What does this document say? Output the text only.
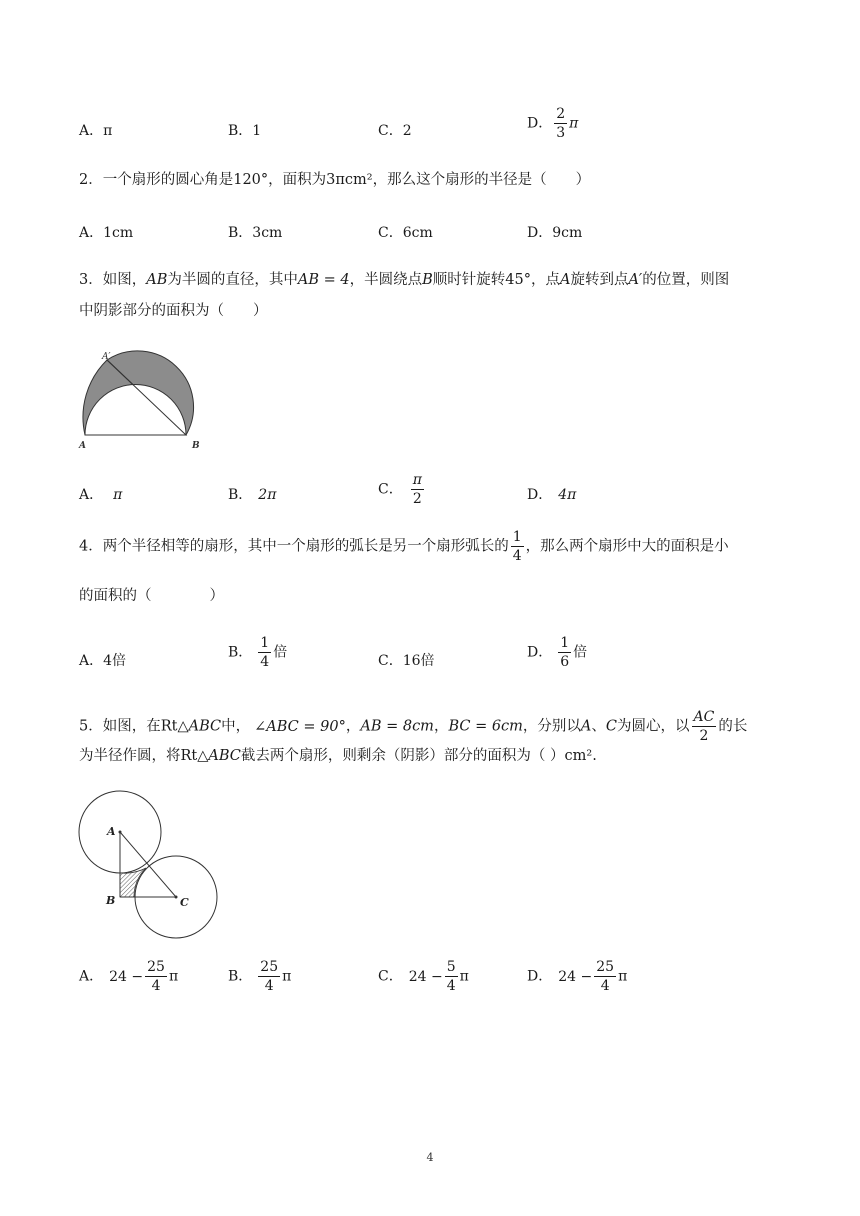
A．π	B．1	C．2	D． $\frac{2}{3}$ π
2．一个扇形的圆心角是120°，面积为3πcm²，那么这个扇形的半径是（　　）
A．1cm	B．3cm	C．6cm	D．9cm
3．如图，AB为半圆的直径，其中AB = 4，半圆绕点B顺时针旋转45°，点A旋转到点A′的位置，则图
中阴影部分的面积为（　　）
A′
A	B
A． π	B． 2π	C． $\frac{\pi}{2}$	D． 4π
4．两个半径相等的扇形，其中一个扇形的弧长是另一个扇形弧长的 $\frac{1}{4}$ ，那么两个扇形中大的面积是小
的面积的（　　　　）
A．4倍
B． $\frac{1}{4}$ 倍
C．16倍
D． $\frac{1}{6}$ 倍
5．如图，在Rt△ABC中， ∠ABC = 90°，AB = 8cm，BC = 6cm，分别以A、C为圆心，以 $\frac{AC}{2}$ 的长
为半径作圆，将Rt△ABC截去两个扇形，则剩余（阴影）部分的面积为（ ）cm².
A
B	C
A． $24 - \frac{25}{4}$ π	B． $\frac{25}{4}$ π	C． $24 - \frac{5}{4}$ π	D． $24 - \frac{25}{4}$ π
4
